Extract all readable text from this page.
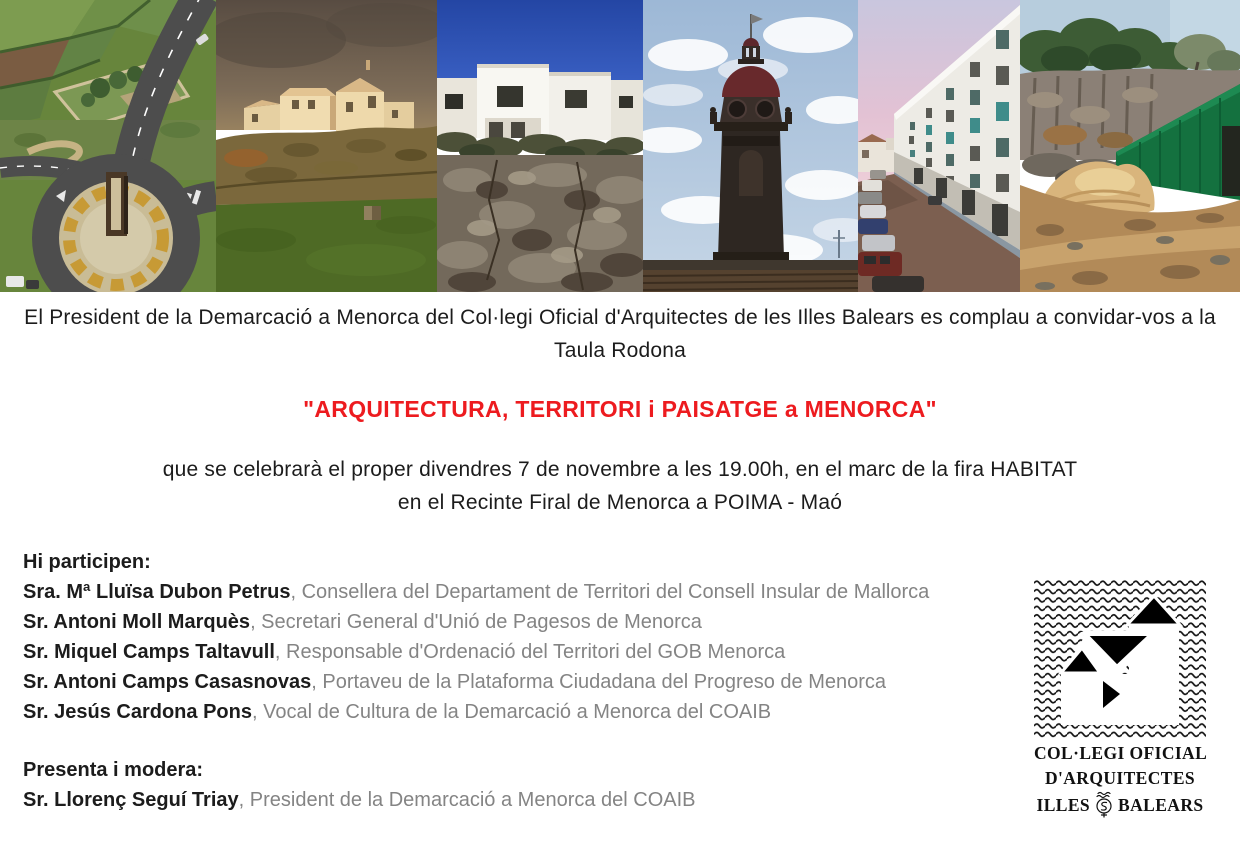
El President de la Demarcació a Menorca del Col·legi Oficial d'Arquitectes de les Illes Balears es complau a convidar-vos a la
Taula Rodona
"ARQUITECTURA, TERRITORI i PAISATGE a MENORCA"
que se celebrarà el proper divendres 7 de novembre a les 19.00h, en el marc de la fira HABITAT
en el Recinte Firal de Menorca a POIMA - Maó
Hi participen:
Sra. Mª Lluïsa Dubon Petrus, Consellera del Departament de Territori del Consell Insular de Mallorca
Sr. Antoni Moll Marquès, Secretari General d'Unió de Pagesos de Menorca
Sr. Miquel Camps Taltavull, Responsable d'Ordenació del Territori del GOB Menorca
Sr. Antoni Camps Casasnovas, Portaveu de la Plataforma Ciudadana del Progreso de Menorca
Sr. Jesús Cardona Pons, Vocal de Cultura de la Demarcació a Menorca del COAIB
Presenta i modera:
Sr. Llorenç Seguí Triay, President de la Demarcació a Menorca del COAIB
COL·LEGI OFICIAL
D'ARQUITECTES
ILLES BALEARS
